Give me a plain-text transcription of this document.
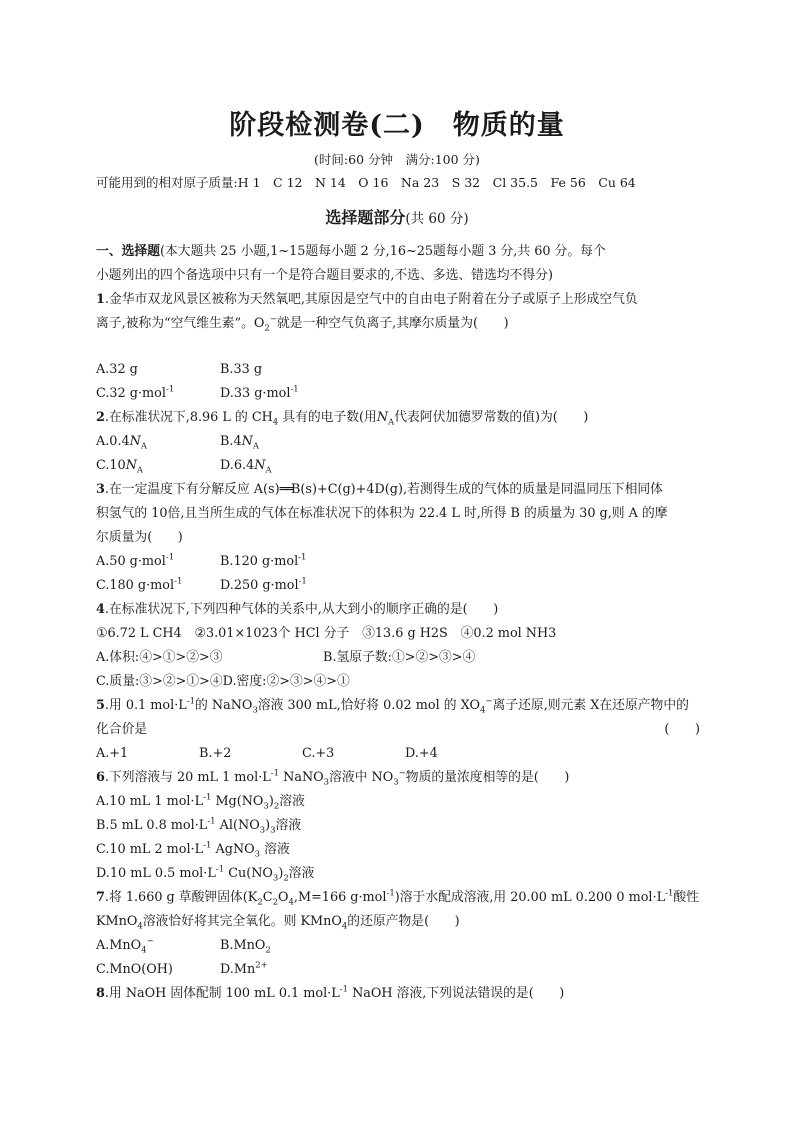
阶段检测卷(二)　物质的量
(时间:60 分钟　满分:100 分)
可能用到的相对原子质量:H 1　C 12　N 14　O 16　Na 23　S 32　Cl 35.5　Fe 56　Cu 64
选择题部分(共 60 分)
一、选择题(本大题共 25 小题,1~15题每小题 2 分,16~25题每小题 3 分,共 60 分。每个
小题列出的四个备选项中只有一个是符合题目要求的,不选、多选、错选均不得分)
1.金华市双龙风景区被称为天然氧吧,其原因是空气中的自由电子附着在分子或原子上形成空气负
离子,被称为“空气维生素”。$O_2^-$就是一种空气负离子,其摩尔质量为(　　)
A.32 g	B.33 g
C.32 g·mol$^{-1}$	D.33 g·mol$^{-1}$
2.在标准状况下,8.96 L 的 $CH_4$ 具有的电子数(用$N_A$代表阿伏加德罗常数的值)为(　　)
$A.0.4N_A$	$B.4N_A$
$C.10N_A$	$D.6.4N_A$
3.在一定温度下有分解反应 A(s)══B(s)+C(g)+4D(g),若测得生成的气体的质量是同温同压下相同体
积氢气的 10倍,且当所生成的气体在标准状况下的体积为 22.4 L 时,所得 B 的质量为 30 g,则 A 的摩
尔质量为(　　)
A.50 g·mol$^{-1}$	B.120 g·mol$^{-1}$
C.180 g·mol$^{-1}$	D.250 g·mol$^{-1}$
4.在标准状况下,下列四种气体的关系中,从大到小的顺序正确的是(　　)
①6.72 L CH4　②3.01×1023个 HCl 分子　③13.6 g H2S　④0.2 mol NH3
A.体积:④>①>②>③	B.氢原子数:①>②>③>④
C.质量:③>②>①>④D.密度:②>③>④>①
5.用 0.1 $mol\cdot L^{-1}$的 NaNO$_3$溶液 300 mL,恰好将 0.02 mol 的 $XO_4^-$离子还原,则元素 X在还原产物中的
化合价是	(　　)
A.+1	B.+2	C.+3	D.+4
6.下列溶液与 20 mL 1 $mol\cdot L^{-1}$ NaNO$_3$溶液中 $NO_3^-$物质的量浓度相等的是(　　)
A.10 mL 1 $mol\cdot L^{-1}$ $Mg(NO_3)_2$溶液
B.5 mL 0.8 $mol\cdot L^{-1}$ $Al(NO_3)_3$溶液
C.10 mL 2 $mol\cdot L^{-1}$ AgNO$_3$ 溶液
D.10 mL 0.5 $mol\cdot L^{-1}$ $Cu(NO_3)_2$溶液
7.将 1.660 g 草酸钾固体($K_2C_2O_4,M=166$ g·mol$^{-1}$)溶于水配成溶液,用 20.00 mL 0.200 0 $mol\cdot L^{-1}$酸性
KMnO$_4$溶液恰好将其完全氧化。则 KMnO$_4$的还原产物是(　　)
A.MnO$_4$−	B.MnO$_2$
C.MnO(OH)	$D.Mn^{2+}$
8.用 NaOH 固体配制 100 mL 0.1 $mol\cdot L^{-1}$ NaOH 溶液,下列说法错误的是(　　)
